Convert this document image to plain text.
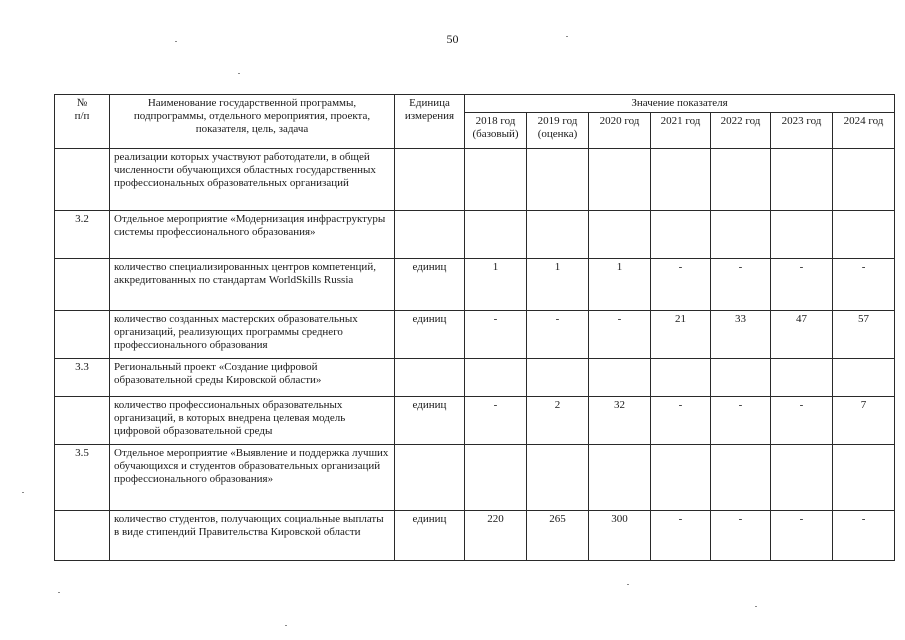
50
№
п/п	Наименование государственной программы, подпрограммы, отдельного мероприятия, проекта, показателя, цель, задача	Единица измерения	Значение показателя						
			2018 год (базовый)	2019 год (оценка)	2020 год	2021 год	2022 год	2023 год	2024 год
	реализации которых участвуют работодатели, в общей численности обучающихся областных государственных профессиональных образовательных организаций								
3.2	Отдельное мероприятие «Модернизация инфраструктуры системы профессионального образования»								
	количество специализированных центров компетенций, аккредитованных по стандартам WorldSkills Russia	единиц	1	1	1	-	-	-	-
	количество созданных мастерских образовательных организаций, реализующих программы среднего профессионального образования	единиц	-	-	-	21	33	47	57
3.3	Региональный проект «Создание цифровой образовательной среды Кировской области»								
	количество профессиональных образовательных организаций, в которых внедрена целевая модель цифровой образовательной среды	единиц	-	2	32	-	-	-	7
3.5	Отдельное мероприятие «Выявление и поддержка лучших обучающихся и студентов образовательных организаций профессионального образования»								
	количество студентов, получающих социальные выплаты в виде стипендий Правительства Кировской области	единиц	220	265	300	-	-	-	-
